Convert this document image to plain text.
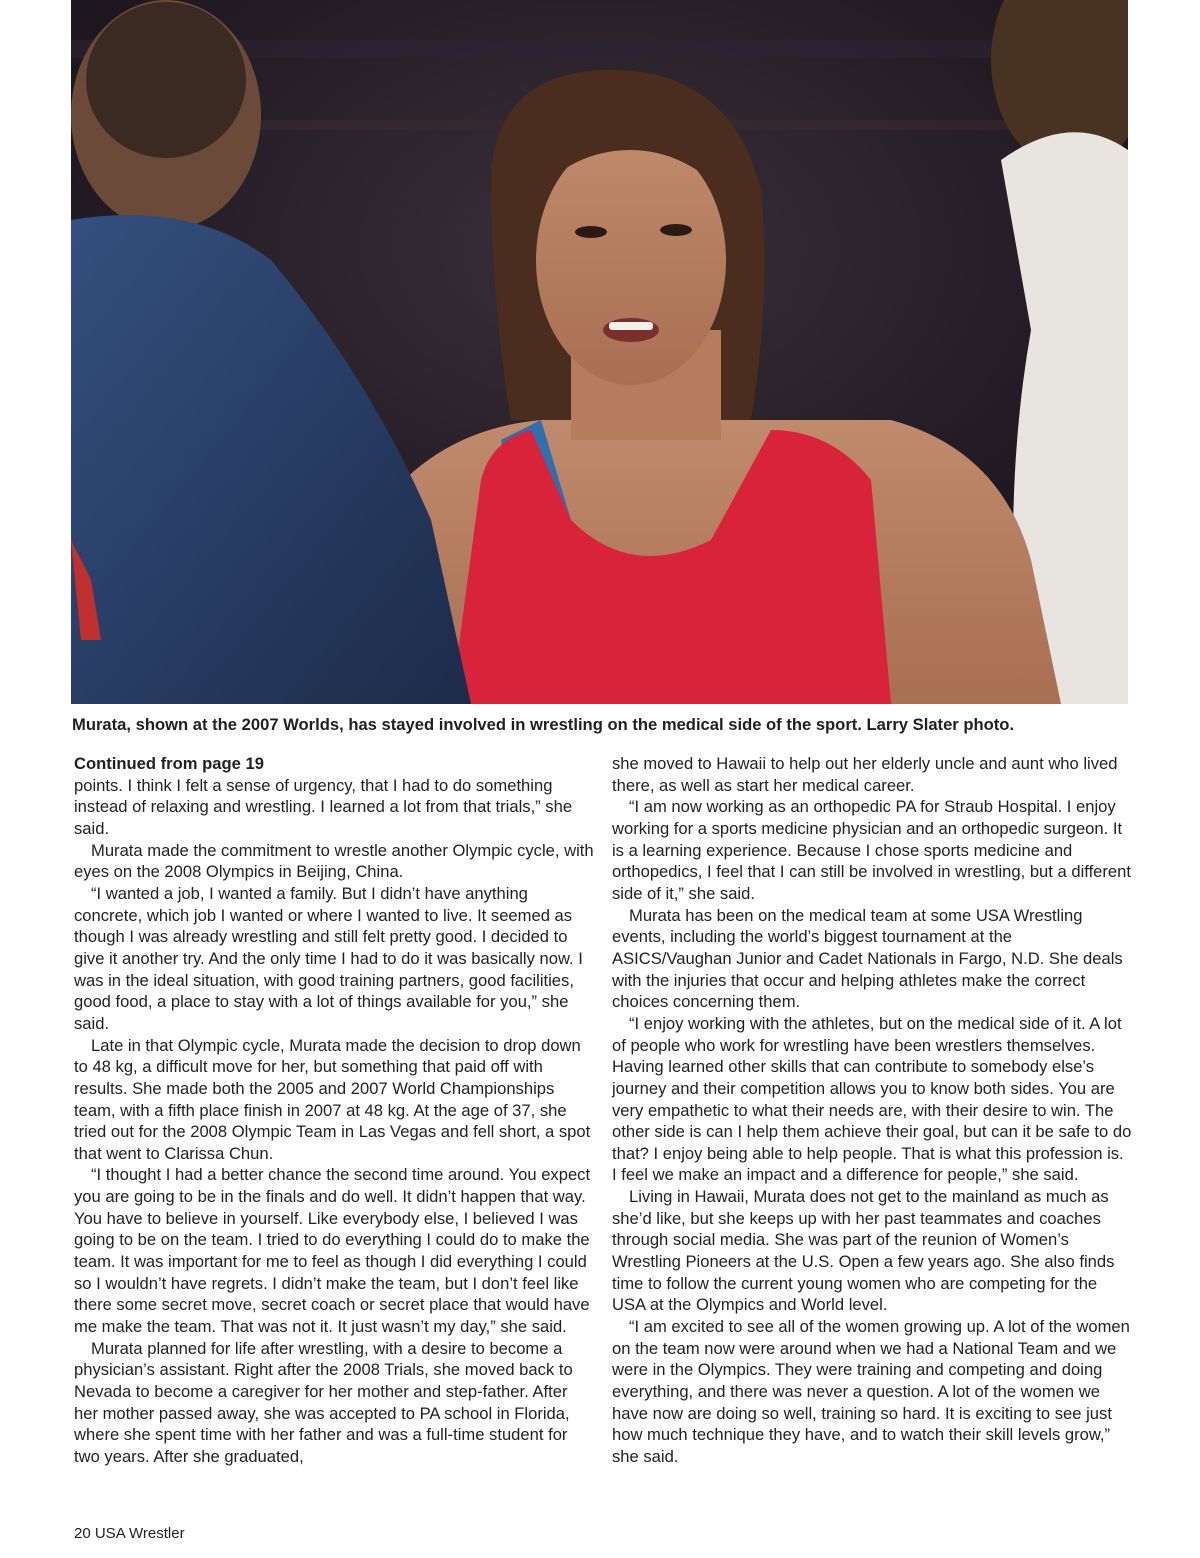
Murata, shown at the 2007 Worlds, has stayed involved in wrestling on the medical side of the sport. Larry Slater photo.
Continued from page 19

points. I think I felt a sense of urgency, that I had to do something instead of relaxing and wrestling. I learned a lot from that trials,” she said.

Murata made the commitment to wrestle another Olympic cycle, with eyes on the 2008 Olympics in Beijing, China.

“I wanted a job, I wanted a family. But I didn’t have anything concrete, which job I wanted or where I wanted to live. It seemed as though I was already wrestling and still felt pretty good. I decided to give it another try. And the only time I had to do it was basically now. I was in the ideal situation, with good training partners, good facilities, good food, a place to stay with a lot of things available for you,” she said.

Late in that Olympic cycle, Murata made the decision to drop down to 48 kg, a difficult move for her, but something that paid off with results. She made both the 2005 and 2007 World Championships team, with a fifth place finish in 2007 at 48 kg. At the age of 37, she tried out for the 2008 Olympic Team in Las Vegas and fell short, a spot that went to Clarissa Chun.

“I thought I had a better chance the second time around. You expect you are going to be in the finals and do well. It didn’t happen that way. You have to believe in yourself. Like everybody else, I believed I was going to be on the team. I tried to do everything I could do to make the team. It was important for me to feel as though I did everything I could so I wouldn’t have regrets. I didn’t make the team, but I don’t feel like there some secret move, secret coach or secret place that would have me make the team. That was not it. It just wasn’t my day,” she said.

Murata planned for life after wrestling, with a desire to become a physician’s assistant. Right after the 2008 Trials, she moved back to Nevada to become a caregiver for her mother and step-father. After her mother passed away, she was accepted to PA school in Florida, where she spent time with her father and was a full-time student for two years. After she graduated,

she moved to Hawaii to help out her elderly uncle and aunt who lived there, as well as start her medical career.

“I am now working as an orthopedic PA for Straub Hospital. I enjoy working for a sports medicine physician and an orthopedic surgeon. It is a learning experience. Because I chose sports medicine and orthopedics, I feel that I can still be involved in wrestling, but a different side of it,” she said.

Murata has been on the medical team at some USA Wrestling events, including the world’s biggest tournament at the ASICS/Vaughan Junior and Cadet Nationals in Fargo, N.D. She deals with the injuries that occur and helping athletes make the correct choices concerning them.

“I enjoy working with the athletes, but on the medical side of it. A lot of people who work for wrestling have been wrestlers themselves. Having learned other skills that can contribute to somebody else’s journey and their competition allows you to know both sides. You are very empathetic to what their needs are, with their desire to win. The other side is can I help them achieve their goal, but can it be safe to do that? I enjoy being able to help people. That is what this profession is. I feel we make an impact and a difference for people,” she said.

Living in Hawaii, Murata does not get to the mainland as much as she’d like, but she keeps up with her past teammates and coaches through social media. She was part of the reunion of Women’s Wrestling Pioneers at the U.S. Open a few years ago. She also finds time to follow the current young women who are competing for the USA at the Olympics and World level.

“I am excited to see all of the women growing up. A lot of the women on the team now were around when we had a National Team and we were in the Olympics. They were training and competing and doing everything, and there was never a question. A lot of the women we have now are doing so well, training so hard. It is exciting to see just how much technique they have, and to watch their skill levels grow,” she said.

20 USA Wrestler
